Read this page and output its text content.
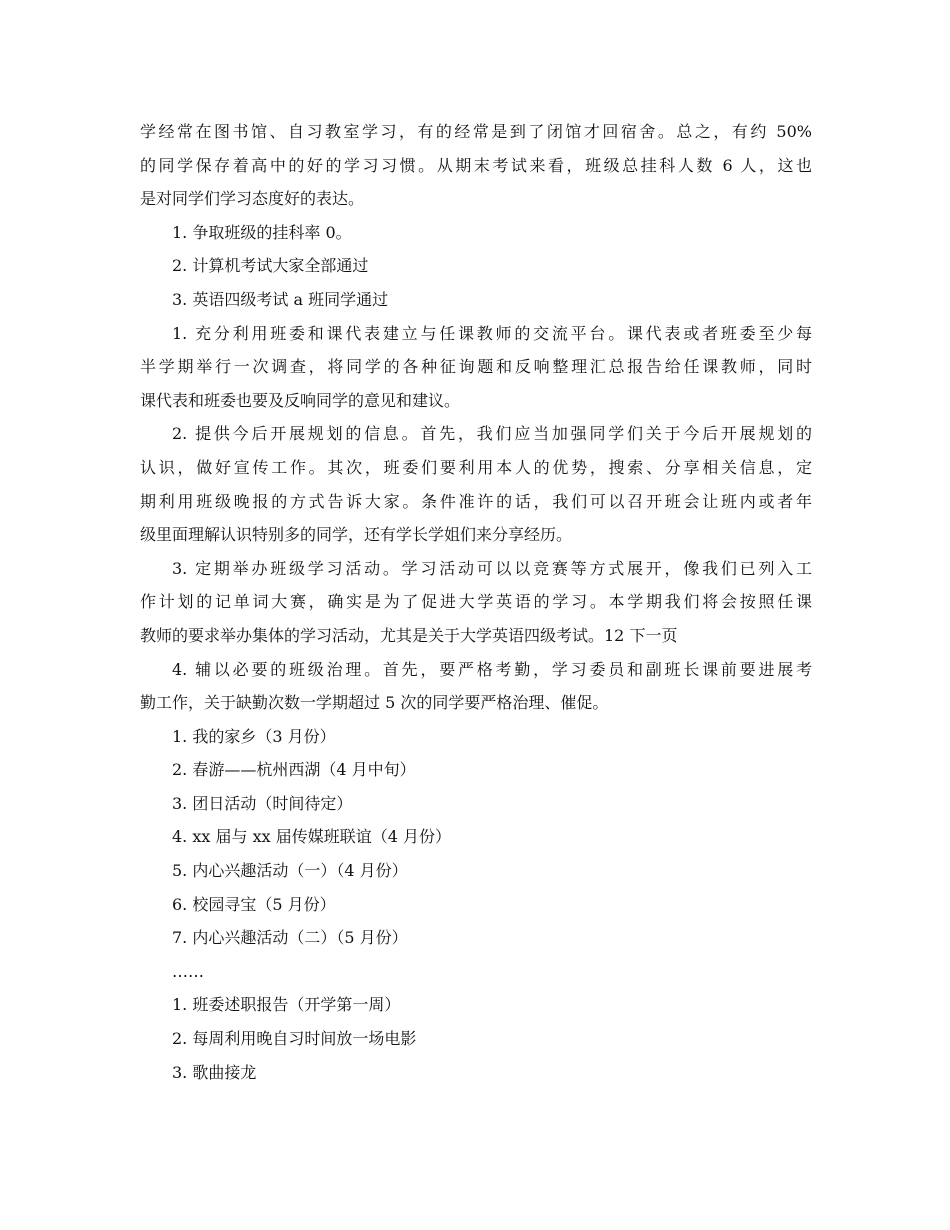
学经常在图书馆、自习教室学习，有的经常是到了闭馆才回宿舍。总之，有约 50%
的同学保存着高中的好的学习习惯。从期末考试来看，班级总挂科人数 6 人，这也
是对同学们学习态度好的表达。
1. 争取班级的挂科率 0。
2. 计算机考试大家全部通过
3. 英语四级考试 a 班同学通过
1. 充分利用班委和课代表建立与任课教师的交流平台。课代表或者班委至少每
半学期举行一次调查，将同学的各种征询题和反响整理汇总报告给任课教师，同时
课代表和班委也要及反响同学的意见和建议。
2. 提供今后开展规划的信息。首先，我们应当加强同学们关于今后开展规划的
认识，做好宣传工作。其次，班委们要利用本人的优势，搜索、分享相关信息，定
期利用班级晚报的方式告诉大家。条件准许的话，我们可以召开班会让班内或者年
级里面理解认识特别多的同学，还有学长学姐们来分享经历。
3. 定期举办班级学习活动。学习活动可以以竞赛等方式展开，像我们已列入工
作计划的记单词大赛，确实是为了促进大学英语的学习。本学期我们将会按照任课
教师的要求举办集体的学习活动，尤其是关于大学英语四级考试。12 下一页
4. 辅以必要的班级治理。首先，要严格考勤，学习委员和副班长课前要进展考
勤工作，关于缺勤次数一学期超过 5 次的同学要严格治理、催促。
1. 我的家乡（3 月份）
2. 春游——杭州西湖（4 月中旬）
3. 团日活动（时间待定）
4. xx 届与 xx 届传媒班联谊（4 月份）
5. 内心兴趣活动（一）（4 月份）
6. 校园寻宝（5 月份）
7. 内心兴趣活动（二）（5 月份）
……
1. 班委述职报告（开学第一周）
2. 每周利用晚自习时间放一场电影
3. 歌曲接龙
